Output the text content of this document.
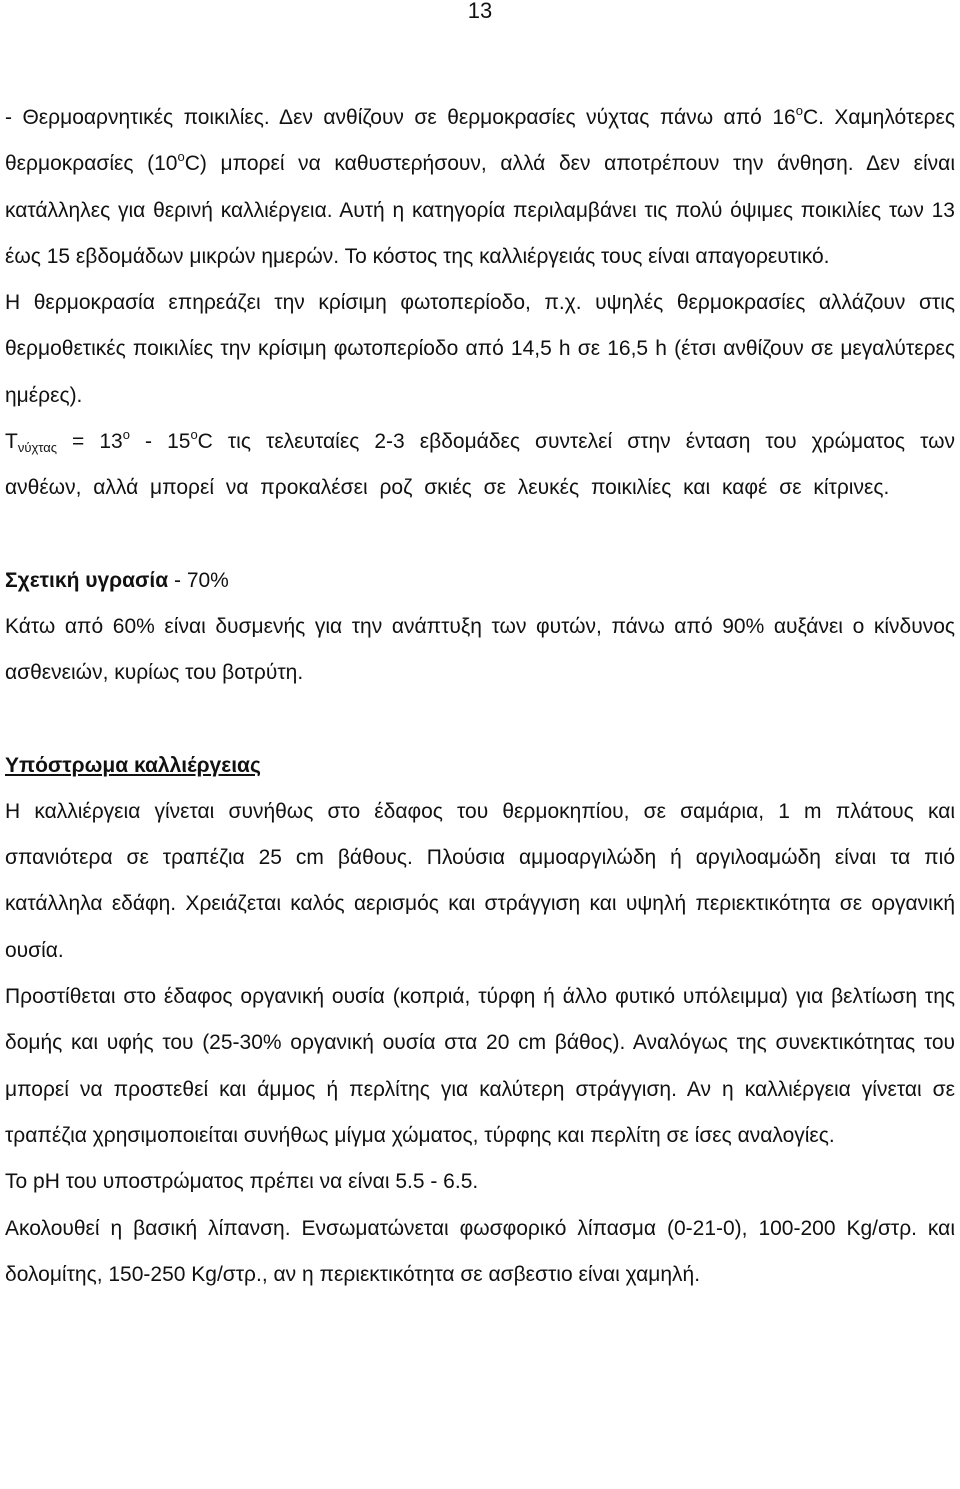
13

- Θερμοαρνητικές ποικιλίες. Δεν ανθίζουν σε θερμοκρασίες νύχτας πάνω από 16$^o$C. Χαμηλότερες θερμοκρασίες (10$^o$C) μπορεί να καθυστερήσουν, αλλά δεν αποτρέπουν την άνθηση. Δεν είναι κατάλληλες για θερινή καλλιέργεια. Αυτή η κατηγορία περιλαμβάνει τις πολύ όψιμες ποικιλίες των 13 έως 15 εβδομάδων μικρών ημερών. Το κόστος της καλλιέργειάς τους είναι απαγορευτικό.

Η θερμοκρασία επηρεάζει την κρίσιμη φωτοπερίοδο, π.χ. υψηλές θερμοκρασίες αλλάζουν στις θερμοθετικές ποικιλίες την κρίσιμη φωτοπερίοδο από 14,5 h σε 16,5 h (έτσι ανθίζουν σε μεγαλύτερες ημέρες).

$T_{\nu ύ\chi\tau\alpha\varsigma} = 13^o - 15^oC$ τις τελευταίες 2-3 εβδομάδες συντελεί στην ένταση του χρώματος των ανθέων, αλλά μπορεί να προκαλέσει ροζ σκιές σε λευκές ποικιλίες και καφέ σε κίτρινες.

Σχετική υγρασία - 70%

Κάτω από 60% είναι δυσμενής για την ανάπτυξη των φυτών, πάνω από 90% αυξάνει ο κίνδυνος ασθενειών, κυρίως του βοτρύτη.

Υπόστρωμα καλλιέργειας

Η καλλιέργεια γίνεται συνήθως στο έδαφος του θερμοκηπίου, σε σαμάρια, 1 m πλάτους και σπανιότερα σε τραπέζια 25 cm βάθους. Πλούσια αμμοαργιλώδη ή αργιλοαμώδη είναι τα πιό κατάλληλα εδάφη. Χρειάζεται καλός αερισμός και στράγγιση και υψηλή περιεκτικότητα σε οργανική ουσία.

Προστίθεται στο έδαφος οργανική ουσία (κοπριά, τύρφη ή άλλο φυτικό υπόλειμμα) για βελτίωση της δομής και υφής του (25-30% οργανική ουσία στα 20 cm βάθος). Αναλόγως της συνεκτικότητας του μπορεί να προστεθεί και άμμος ή περλίτης για καλύτερη στράγγιση. Αν η καλλιέργεια γίνεται σε τραπέζια χρησιμοποιείται συνήθως μίγμα χώματος, τύρφης και περλίτη σε ίσες αναλογίες.

Το pH του υποστρώματος πρέπει να είναι 5.5 - 6.5.

Ακολουθεί η βασική λίπανση. Ενσωματώνεται φωσφορικό λίπασμα (0-21-0), 100-200 Kg/στρ. και δολομίτης, 150-250 Kg/στρ., αν η περιεκτικότητα σε ασβεστιο είναι χαμηλή.
